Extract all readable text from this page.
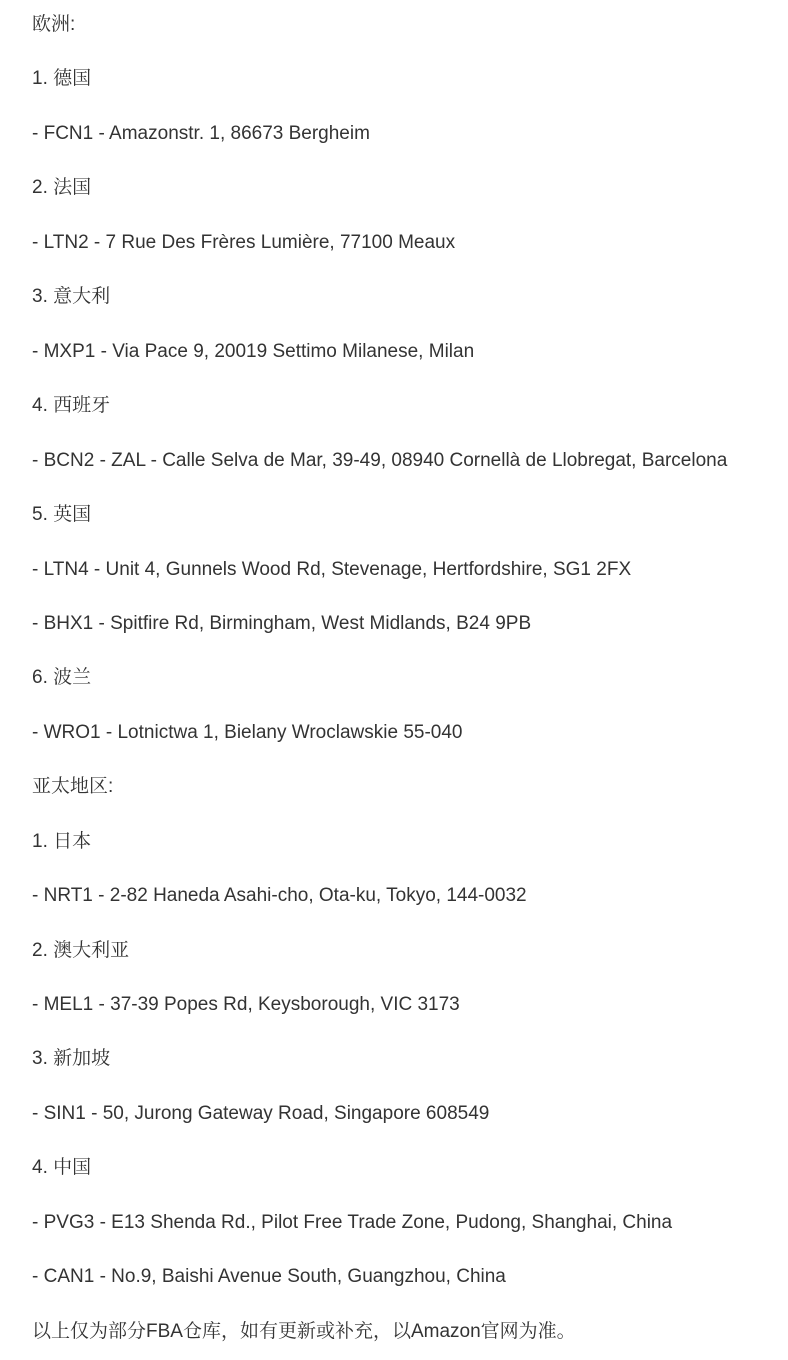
欧洲:
1. 德国
- FCN1 - Amazonstr. 1, 86673 Bergheim
2. 法国
- LTN2 - 7 Rue Des Frères Lumière, 77100 Meaux
3. 意大利
- MXP1 - Via Pace 9, 20019 Settimo Milanese, Milan
4. 西班牙
- BCN2 - ZAL - Calle Selva de Mar, 39-49, 08940 Cornellà de Llobregat, Barcelona
5. 英国
- LTN4 - Unit 4, Gunnels Wood Rd, Stevenage, Hertfordshire, SG1 2FX
- BHX1 - Spitfire Rd, Birmingham, West Midlands, B24 9PB
6. 波兰
- WRO1 - Lotnictwa 1, Bielany Wroclawskie 55-040
亚太地区:
1. 日本
- NRT1 - 2-82 Haneda Asahi-cho, Ota-ku, Tokyo, 144-0032
2. 澳大利亚
- MEL1 - 37-39 Popes Rd, Keysborough, VIC 3173
3. 新加坡
- SIN1 - 50, Jurong Gateway Road, Singapore 608549
4. 中国
- PVG3 - E13 Shenda Rd., Pilot Free Trade Zone, Pudong, Shanghai, China
- CAN1 - No.9, Baishi Avenue South, Guangzhou, China
以上仅为部分FBA仓库，如有更新或补充，以Amazon官网为准。
